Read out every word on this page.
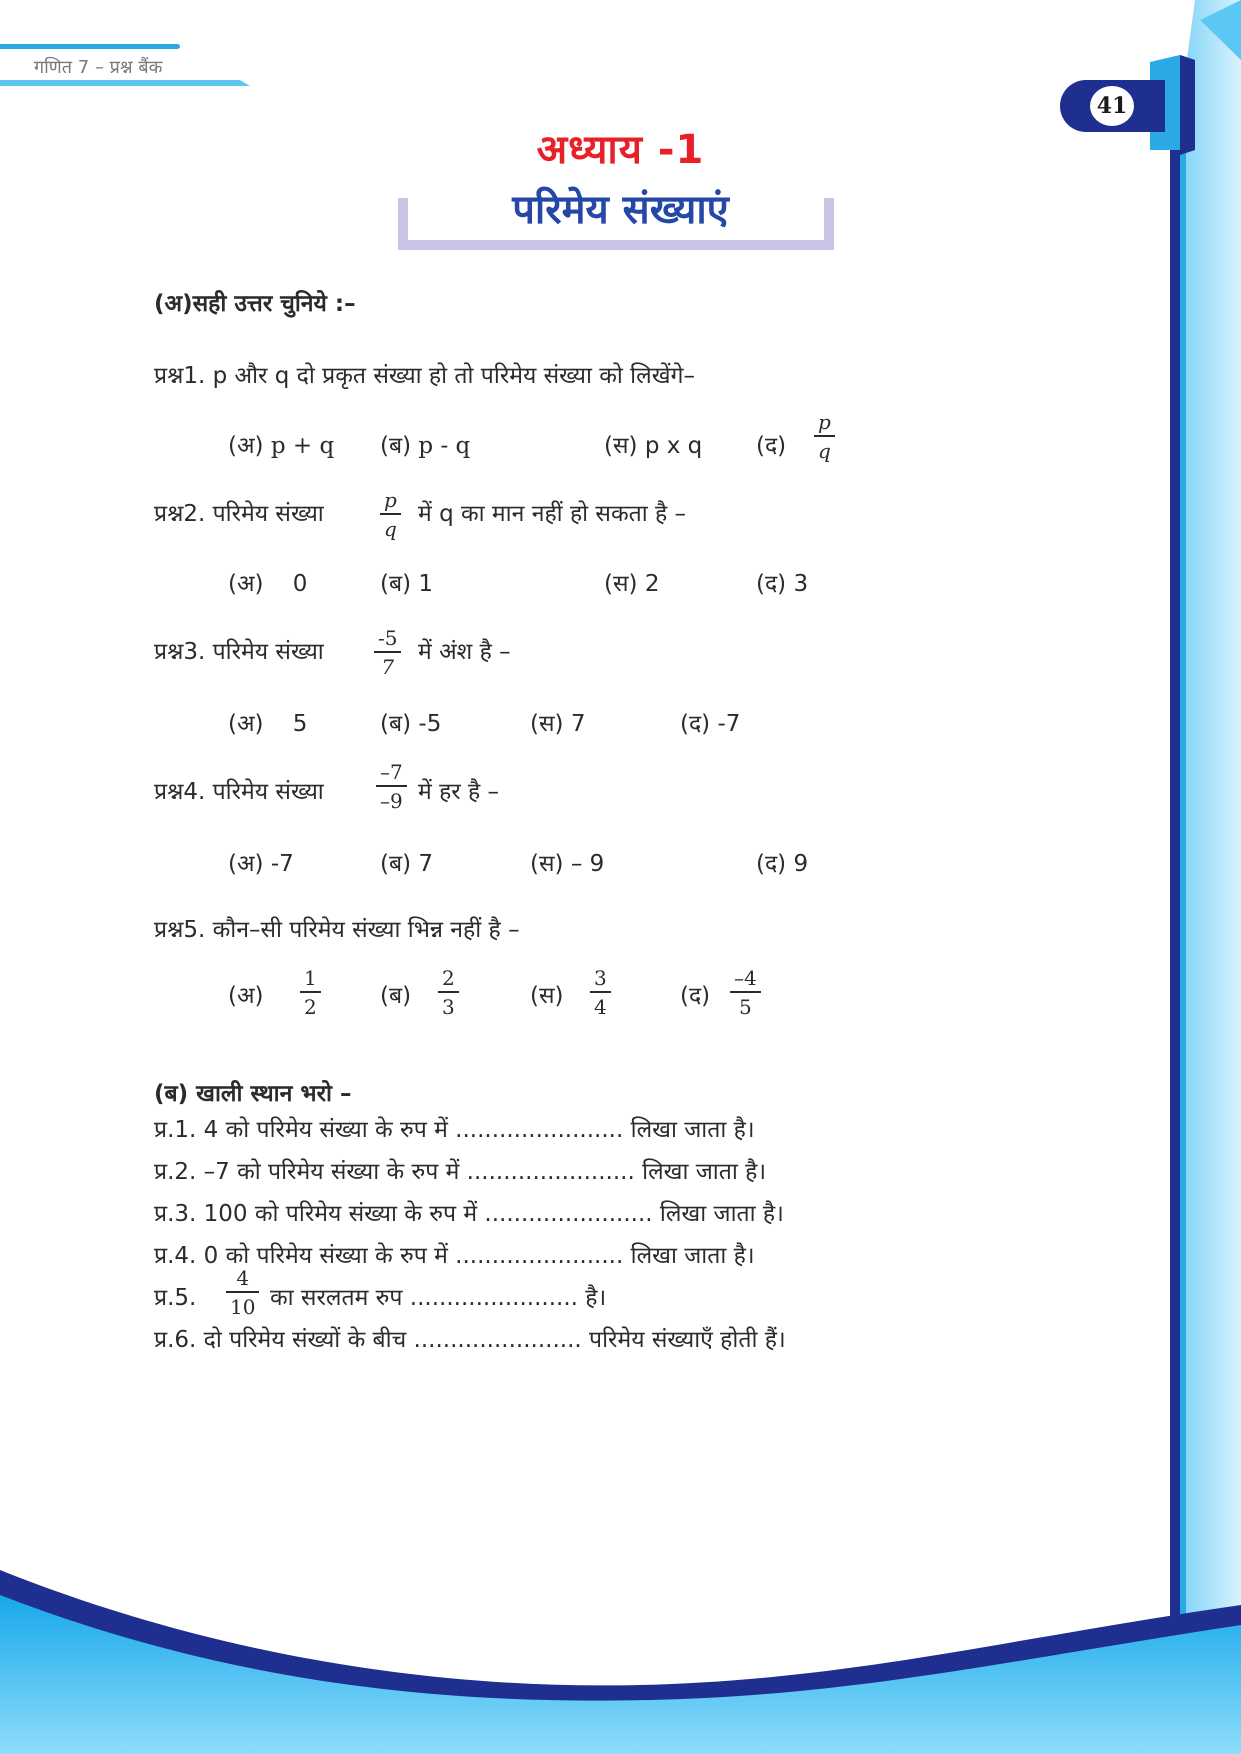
गणित 7 – प्रश्न बैंक
41
अध्याय -1
परिमेय संख्याएं
(अ)सही उत्तर चुनिये :–
प्रश्न1. p और q दो प्रकृत संख्या हो तो परिमेय संख्या को लिखेंगे–
(अ) p + q (ब) p - q	(स) p x q (द)
p
q
प्रश्न2. परिमेय संख्या
p
q
में q का मान नहीं हो सकता है –
(अ) 0	(ब) 1	(स) 2	(द) 3
प्रश्न3. परिमेय संख्या
-5
7
में अंश है –
(अ) 5	(ब) -5	(स) 7	(द) -7
प्रश्न4. परिमेय संख्या
–7
–9 में हर है –
(अ) -7	(ब) 7	(स) – 9	(द) 9
प्रश्न5. कौन–सी परिमेय संख्या भिन्न नहीं है –
(अ)
1
2	(ब)
2
3	(स)
3
4	(द)
–4
5
(ब) खाली स्थान भरो –
प्र.1. 4 को परिमेय संख्या के रुप में ....................... लिखा जाता है।
प्र.2. –7 को परिमेय संख्या के रुप में ....................... लिखा जाता है।
प्र.3. 100 को परिमेय संख्या के रुप में ....................... लिखा जाता है।
प्र.4. 0 को परिमेय संख्या के रुप में ....................... लिखा जाता है।
प्र.5.
4
10 का सरलतम रुप ....................... है।
प्र.6. दो परिमेय संख्यों के बीच ....................... परिमेय संख्याएँ होती हैं।
